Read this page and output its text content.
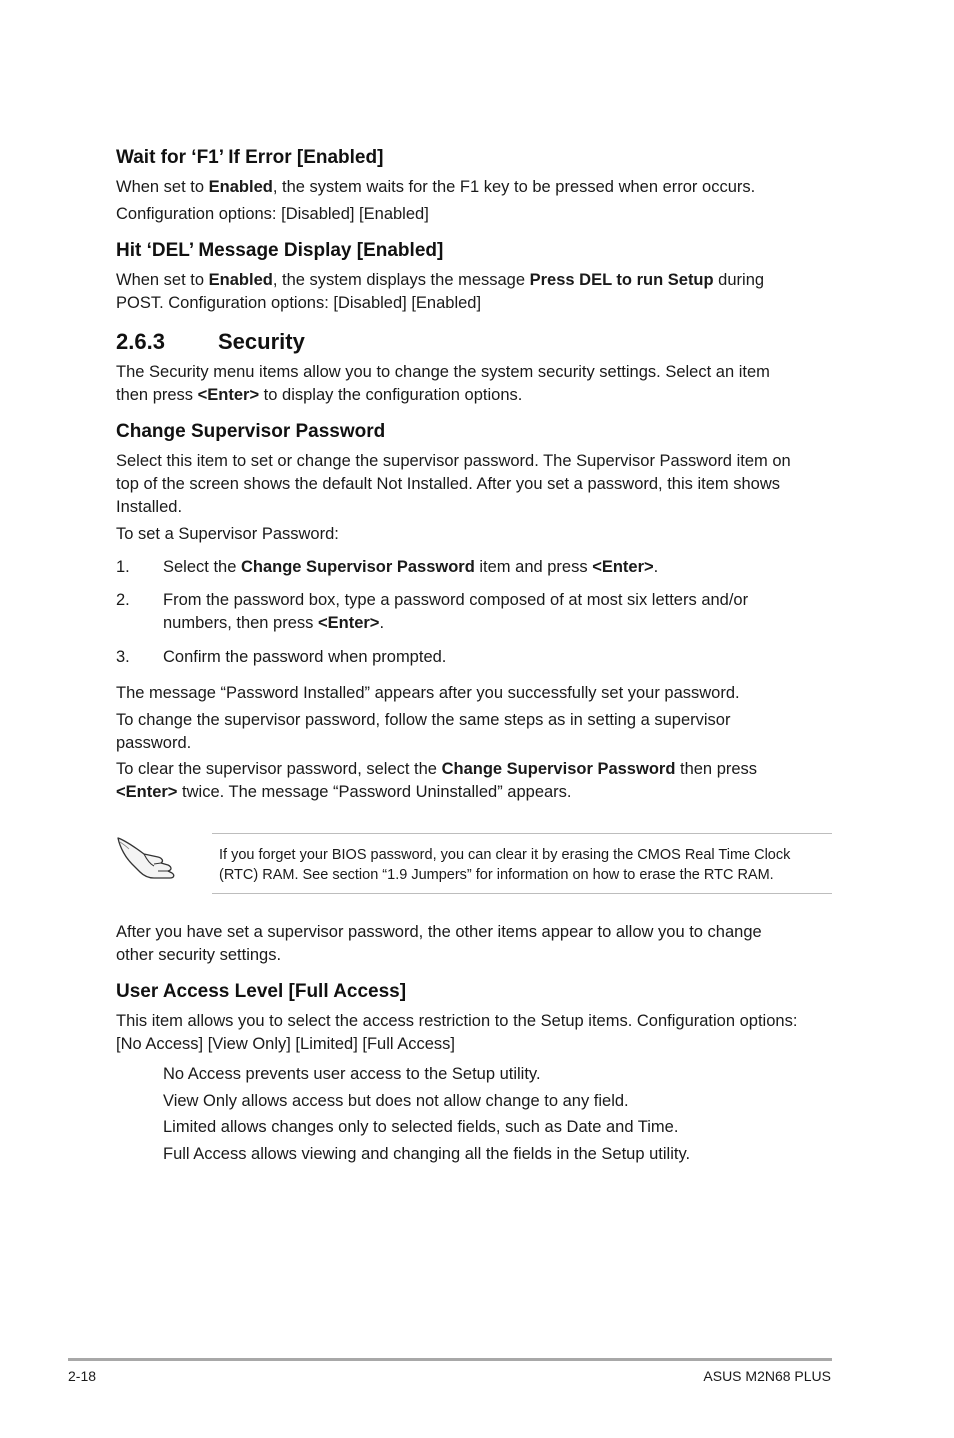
Wait for ‘F1’ If Error [Enabled]
When set to Enabled, the system waits for the F1 key to be pressed when error occurs.
Configuration options: [Disabled] [Enabled]
Hit ‘DEL’ Message Display [Enabled]
When set to Enabled, the system displays the message Press DEL to run Setup during
POST. Configuration options: [Disabled] [Enabled]
2.6.3 Security
The Security menu items allow you to change the system security settings. Select an item
then press <Enter> to display the configuration options.
Change Supervisor Password
Select this item to set or change the supervisor password. The Supervisor Password item on
top of the screen shows the default Not Installed. After you set a password, this item shows
Installed.
To set a Supervisor Password:
1. Select the Change Supervisor Password item and press <Enter>.
2. From the password box, type a password composed of at most six letters and/or
numbers, then press <Enter>.
3. Confirm the password when prompted.
The message “Password Installed” appears after you successfully set your password.
To change the supervisor password, follow the same steps as in setting a supervisor
password.
To clear the supervisor password, select the Change Supervisor Password then press
<Enter> twice. The message “Password Uninstalled” appears.
If you forget your BIOS password, you can clear it by erasing the CMOS Real Time Clock
(RTC) RAM. See section “1.9 Jumpers” for information on how to erase the RTC RAM.
After you have set a supervisor password, the other items appear to allow you to change
other security settings.
User Access Level [Full Access]
This item allows you to select the access restriction to the Setup items. Configuration options:
[No Access] [View Only] [Limited] [Full Access]
No Access prevents user access to the Setup utility.
View Only allows access but does not allow change to any field.
Limited allows changes only to selected fields, such as Date and Time.
Full Access allows viewing and changing all the fields in the Setup utility.
2-18	ASUS M2N68 PLUS
